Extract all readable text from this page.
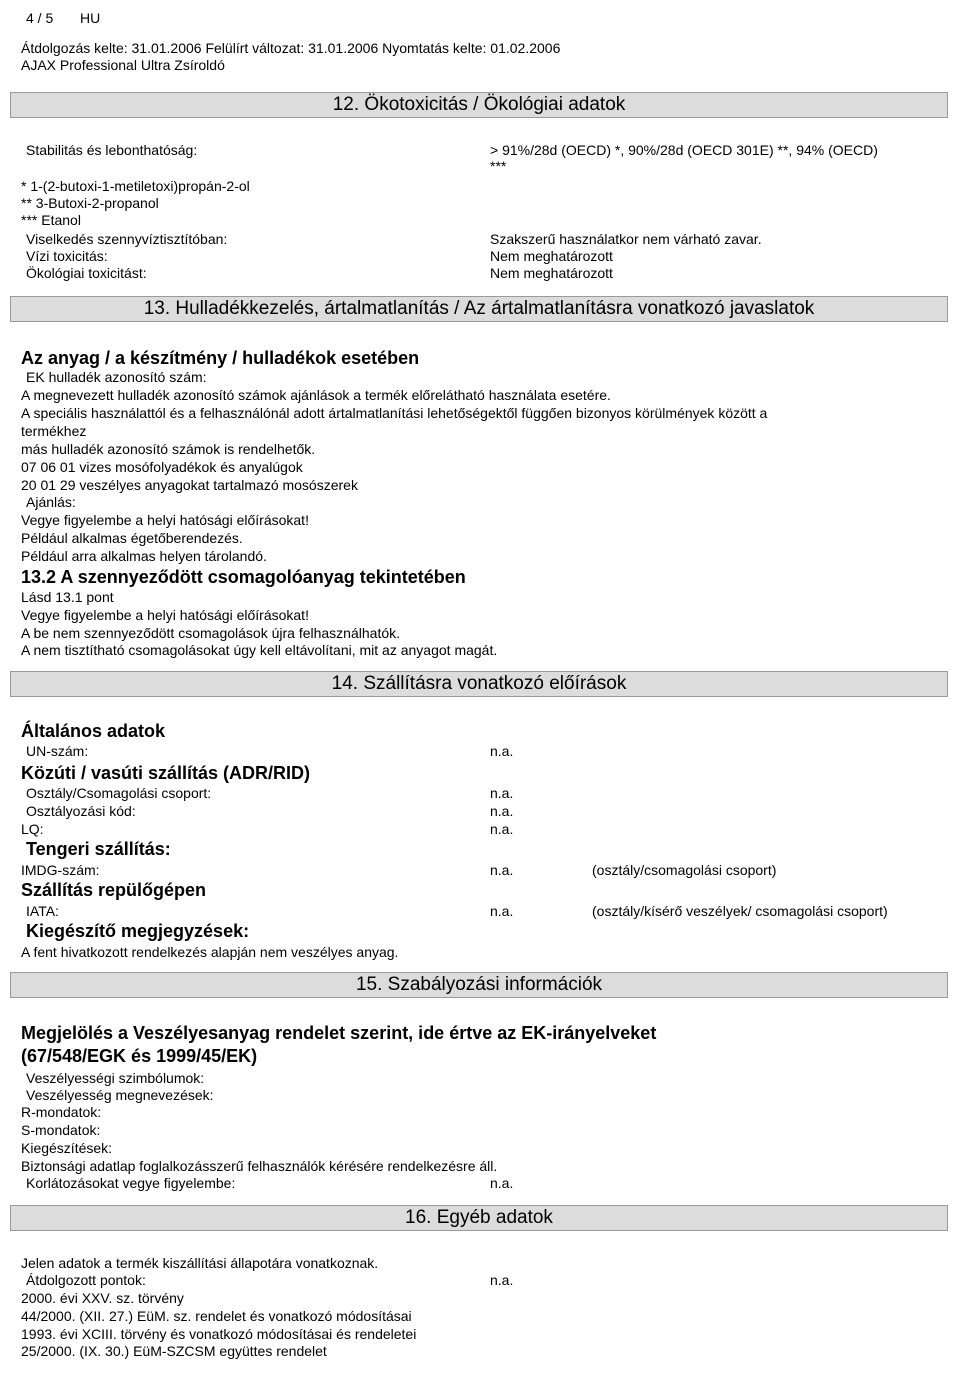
4 / 5 HU
Átdolgozás kelte: 31.01.2006 Felülírt változat: 31.01.2006 Nyomtatás kelte: 01.02.2006
AJAX Professional Ultra Zsíroldó
12. Ökotoxicitás / Ökológiai adatok
Stabilitás és lebonthatóság:	> 91%/28d (OECD) *, 90%/28d (OECD 301E) **, 94% (OECD)
***
* 1-(2-butoxi-1-metiletoxi)propán-2-ol
** 3-Butoxi-2-propanol
*** Etanol
Viselkedés szennyvíztisztítóban:	Szakszerű használatkor nem várható zavar.
Vízi toxicitás:	Nem meghatározott
Ökológiai toxicitást:	Nem meghatározott
13. Hulladékkezelés, ártalmatlanítás / Az ártalmatlanításra vonatkozó javaslatok
Az anyag / a készítmény / hulladékok esetében
EK hulladék azonosító szám:
A megnevezett hulladék azonosító számok ajánlások a termék előrelátható használata esetére.
A speciális használattól és a felhasználónál adott ártalmatlanítási lehetőségektől függően bizonyos körülmények között a
termékhez
más hulladék azonosító számok is rendelhetők.
07 06 01 vizes mosófolyadékok és anyalúgok
20 01 29 veszélyes anyagokat tartalmazó mosószerek
Ajánlás:
Vegye figyelembe a helyi hatósági előírásokat!
Például alkalmas égetőberendezés.
Például arra alkalmas helyen tárolandó.
13.2 A szennyeződött csomagolóanyag tekintetében
Lásd 13.1 pont
Vegye figyelembe a helyi hatósági előírásokat!
A be nem szennyeződött csomagolások újra felhasználhatók.
A nem tisztítható csomagolásokat úgy kell eltávolítani, mit az anyagot magát.
14. Szállításra vonatkozó előírások
Általános adatok
UN-szám:	n.a.
Közúti / vasúti szállítás (ADR/RID)
Osztály/Csomagolási csoport:	n.a.
Osztályozási kód:	n.a.
LQ:	n.a.
Tengeri szállítás:
IMDG-szám:	n.a.	(osztály/csomagolási csoport)
Szállítás repülőgépen
IATA:	n.a.	(osztály/kísérő veszélyek/ csomagolási csoport)
Kiegészítő megjegyzések:
A fent hivatkozott rendelkezés alapján nem veszélyes anyag.
15. Szabályozási információk
Megjelölés a Veszélyesanyag rendelet szerint, ide értve az EK-irányelveket
(67/548/EGK és 1999/45/EK)
Veszélyességi szimbólumok:
Veszélyesség megnevezések:
R-mondatok:
S-mondatok:
Kiegészítések:
Biztonsági adatlap foglalkozásszerű felhasználók kérésére rendelkezésre áll.
Korlátozásokat vegye figyelembe:	n.a.
16. Egyéb adatok
Jelen adatok a termék kiszállítási állapotára vonatkoznak.
Átdolgozott pontok:	n.a.
2000. évi XXV. sz. törvény
44/2000. (XII. 27.) EüM. sz. rendelet és vonatkozó módosításai
1993. évi XCIII. törvény és vonatkozó módosításai és rendeletei
25/2000. (IX. 30.) EüM-SZCSM együttes rendelet
